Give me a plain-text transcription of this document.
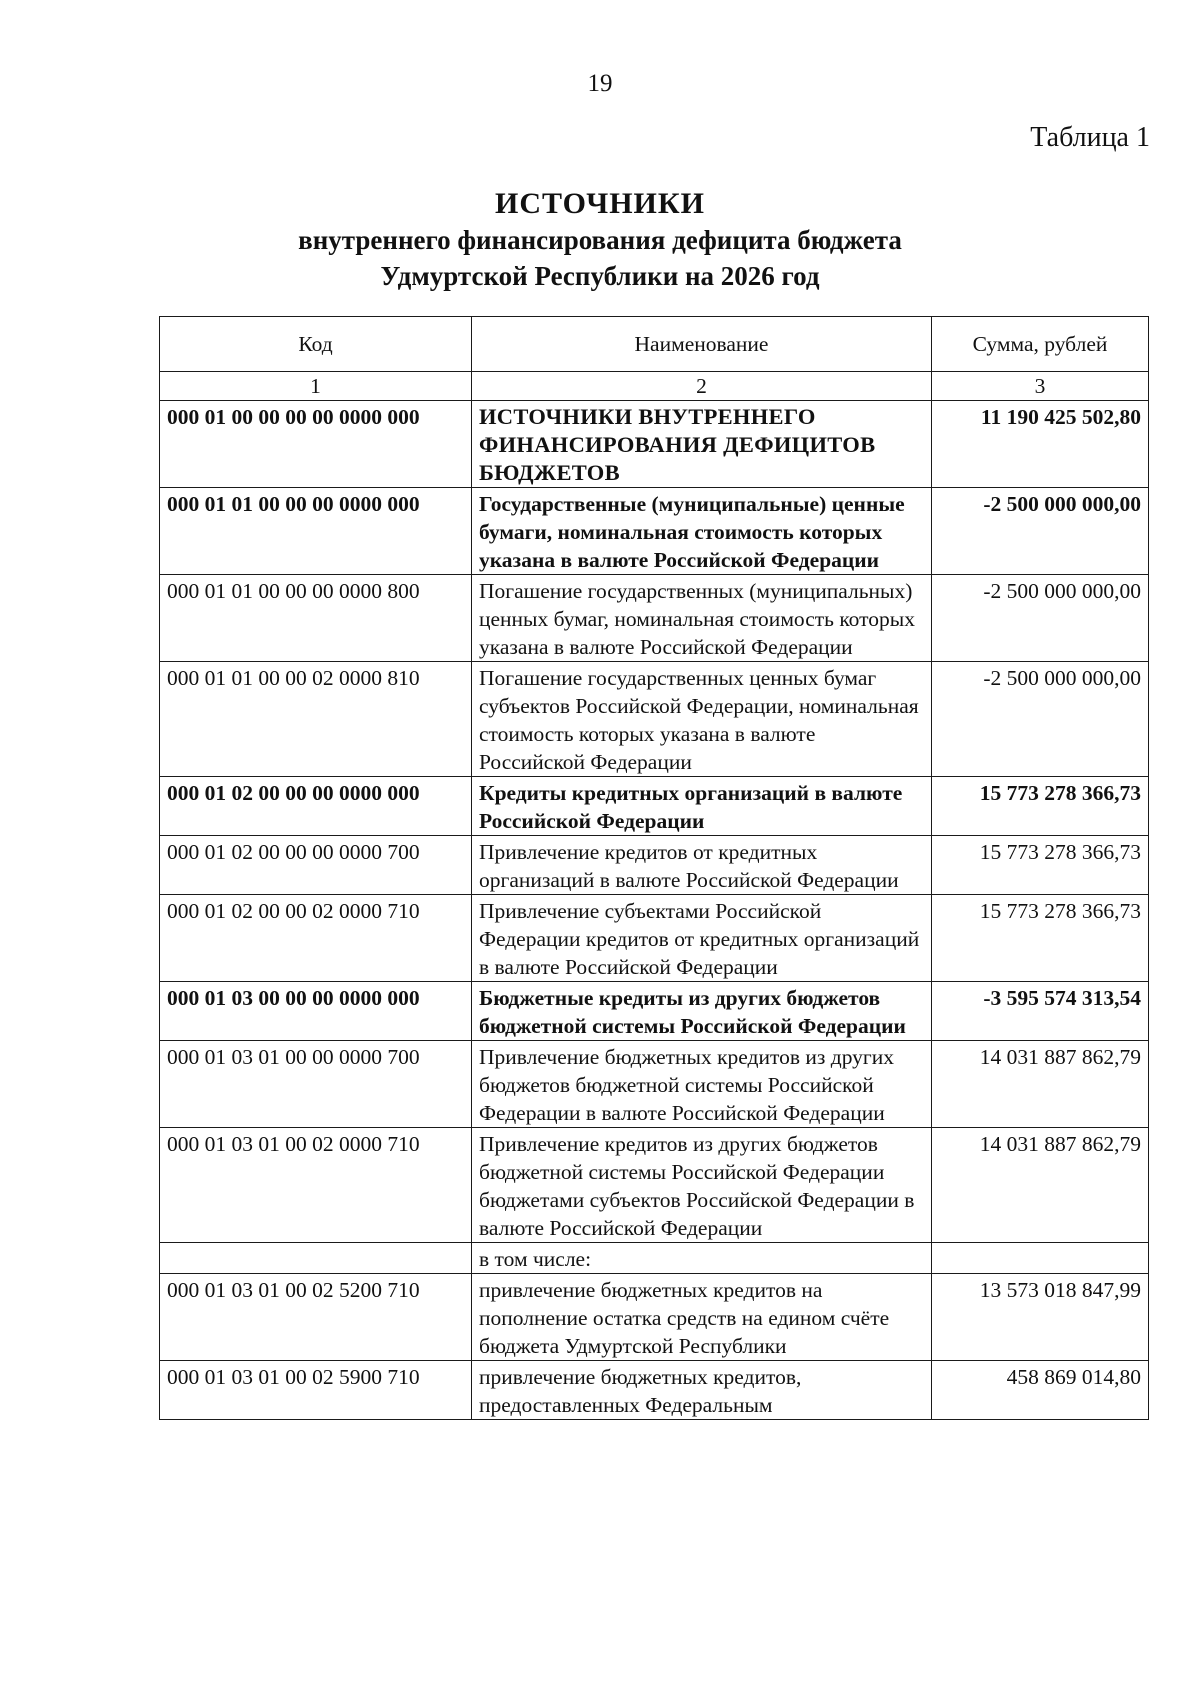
19
Таблица 1
ИСТОЧНИКИ
внутреннего финансирования дефицита бюджета
Удмуртской Республики на 2026 год
Код	Наименование	Сумма, рублей
1	2	3
000 01 00 00 00 00 0000 000	ИСТОЧНИКИ ВНУТРЕННЕГО ФИНАНСИРОВАНИЯ ДЕФИЦИТОВ БЮДЖЕТОВ	11 190 425 502,80
000 01 01 00 00 00 0000 000	Государственные (муниципальные) ценные бумаги, номинальная стоимость которых указана в валюте Российской Федерации	-2 500 000 000,00
000 01 01 00 00 00 0000 800	Погашение государственных (муниципальных) ценных бумаг, номинальная стоимость которых указана в валюте Российской Федерации	-2 500 000 000,00
000 01 01 00 00 02 0000 810	Погашение государственных ценных бумаг субъектов Российской Федерации, номинальная стоимость которых указана в валюте Российской Федерации	-2 500 000 000,00
000 01 02 00 00 00 0000 000	Кредиты кредитных организаций в валюте Российской Федерации	15 773 278 366,73
000 01 02 00 00 00 0000 700	Привлечение кредитов от кредитных организаций в валюте Российской Федерации	15 773 278 366,73
000 01 02 00 00 02 0000 710	Привлечение субъектами Российской Федерации кредитов от кредитных организаций в валюте Российской Федерации	15 773 278 366,73
000 01 03 00 00 00 0000 000	Бюджетные кредиты из других бюджетов бюджетной системы Российской Федерации	-3 595 574 313,54
000 01 03 01 00 00 0000 700	Привлечение бюджетных кредитов из других бюджетов бюджетной системы Российской Федерации в валюте Российской Федерации	14 031 887 862,79
000 01 03 01 00 02 0000 710	Привлечение кредитов из других бюджетов бюджетной системы Российской Федерации бюджетами субъектов Российской Федерации в валюте Российской Федерации	14 031 887 862,79
	в том числе:	
000 01 03 01 00 02 5200 710	привлечение бюджетных кредитов на пополнение остатка средств на едином счёте бюджета Удмуртской Республики	13 573 018 847,99
000 01 03 01 00 02 5900 710	привлечение бюджетных кредитов, предоставленных Федеральным	458 869 014,80
